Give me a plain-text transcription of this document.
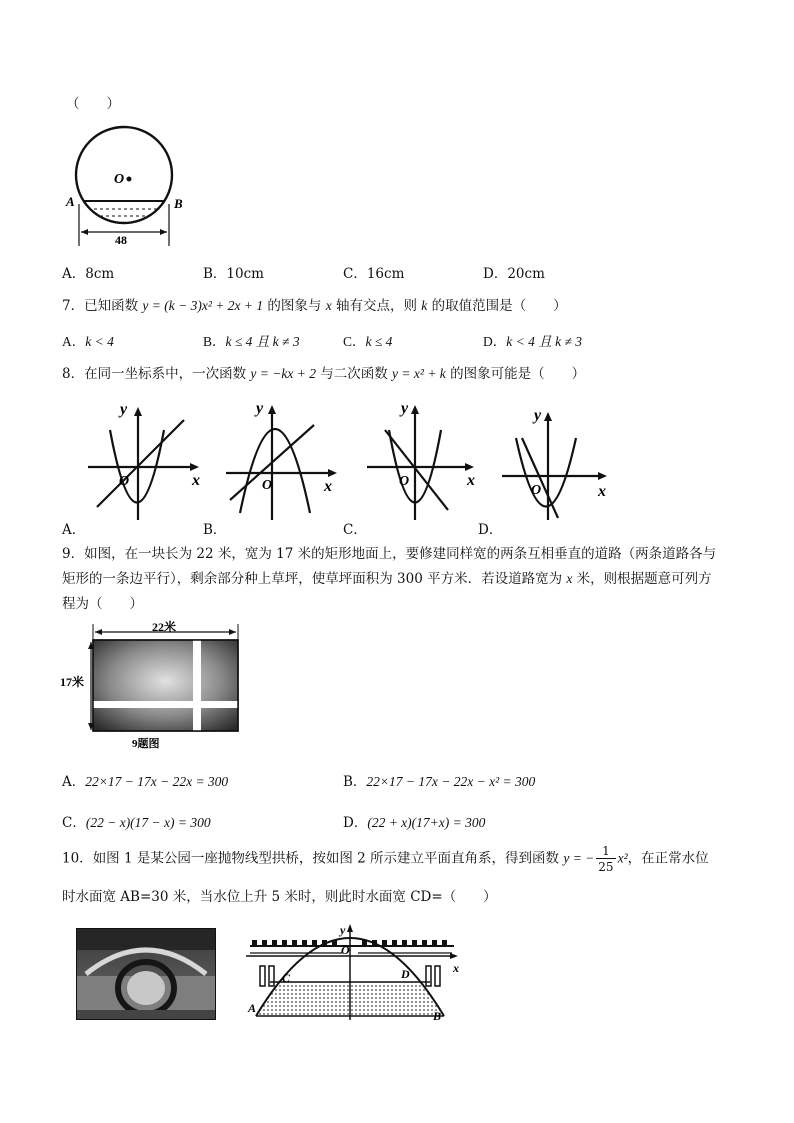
（　　）
O
A	B
48
A．8cm	B．10cm	C．16cm	D．20cm
7．已知函数 y = (k − 3)x² + 2x + 1 的图象与 x 轴有交点，则 k 的取值范围是（　　）
A．k < 4	B．k ≤ 4 且 k ≠ 3	C．k ≤ 4	D．k < 4 且 k ≠ 3
8．在同一坐标系中，一次函数 y = −kx + 2 与二次函数 y = x² + k 的图象可能是（　　）
x
y
O
A．
x
y
O
B．
x
y
O
C．
x
y
O
D．
9．如图，在一块长为 22 米，宽为 17 米的矩形地面上，要修建同样宽的两条互相垂直的道路（两条道路各与
矩形的一条边平行），剩余部分种上草坪，使草坪面积为 300 平方米．若设道路宽为 x 米，则根据题意可列方
程为（　　）
22米
17米
9题图
A．22×17 − 17x − 22x = 300	B．22×17 − 17x − 22x − x² = 300
C．(22 − x)(17 − x) = 300	D．(22 + x)(17+x) = 300
10．如图 1 是某公园一座抛物线型拱桥，按如图 2 所示建立平面直角系，得到函数 y = − $\frac{1}{25} x^2$，在正常水位
时水面宽 AB=30 米，当水位上升 5 米时，则此时水面宽 CD=（　　）
y
O
x
C	D
A
B
